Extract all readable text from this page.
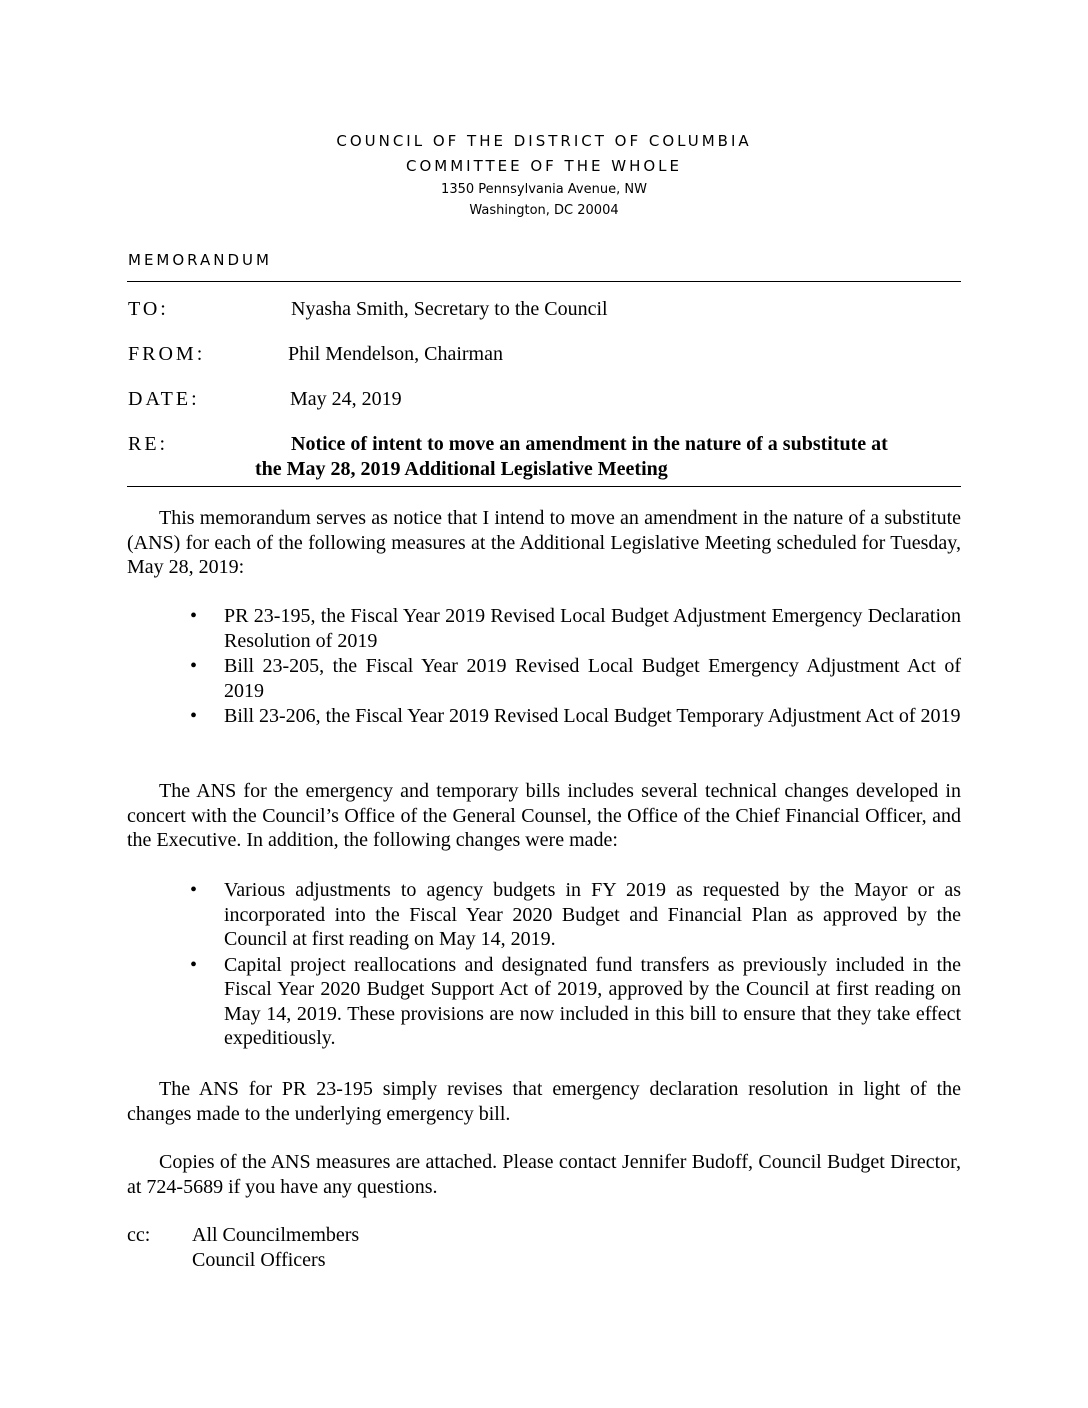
COUNCIL OF THE DISTRICT OF COLUMBIA
COMMITTEE OF THE WHOLE
1350 Pennsylvania Avenue, NW
Washington, DC 20004
MEMORANDUM
TO:	Nyasha Smith, Secretary to the Council
FROM:	Phil Mendelson, Chairman
DATE:	May 24, 2019
RE:	Notice of intent to move an amendment in the nature of a substitute at
the May 28, 2019 Additional Legislative Meeting
This memorandum serves as notice that I intend to move an amendment in the nature of a substitute (ANS) for each of the following measures at the Additional Legislative Meeting scheduled for Tuesday, May 28, 2019:
•	PR 23-195, the Fiscal Year 2019 Revised Local Budget Adjustment Emergency Declaration Resolution of 2019
•	Bill 23-205, the Fiscal Year 2019 Revised Local Budget Emergency Adjustment Act of 2019
•	Bill 23-206, the Fiscal Year 2019 Revised Local Budget Temporary Adjustment Act of 2019
The ANS for the emergency and temporary bills includes several technical changes developed in concert with the Council’s Office of the General Counsel, the Office of the Chief Financial Officer, and the Executive. In addition, the following changes were made:
•	Various adjustments to agency budgets in FY 2019 as requested by the Mayor or as incorporated into the Fiscal Year 2020 Budget and Financial Plan as approved by the Council at first reading on May 14, 2019.
•	Capital project reallocations and designated fund transfers as previously included in the Fiscal Year 2020 Budget Support Act of 2019, approved by the Council at first reading on May 14, 2019. These provisions are now included in this bill to ensure that they take effect expeditiously.
The ANS for PR 23-195 simply revises that emergency declaration resolution in light of the changes made to the underlying emergency bill.
Copies of the ANS measures are attached. Please contact Jennifer Budoff, Council Budget Director, at 724-5689 if you have any questions.
cc: All Councilmembers
Council Officers
